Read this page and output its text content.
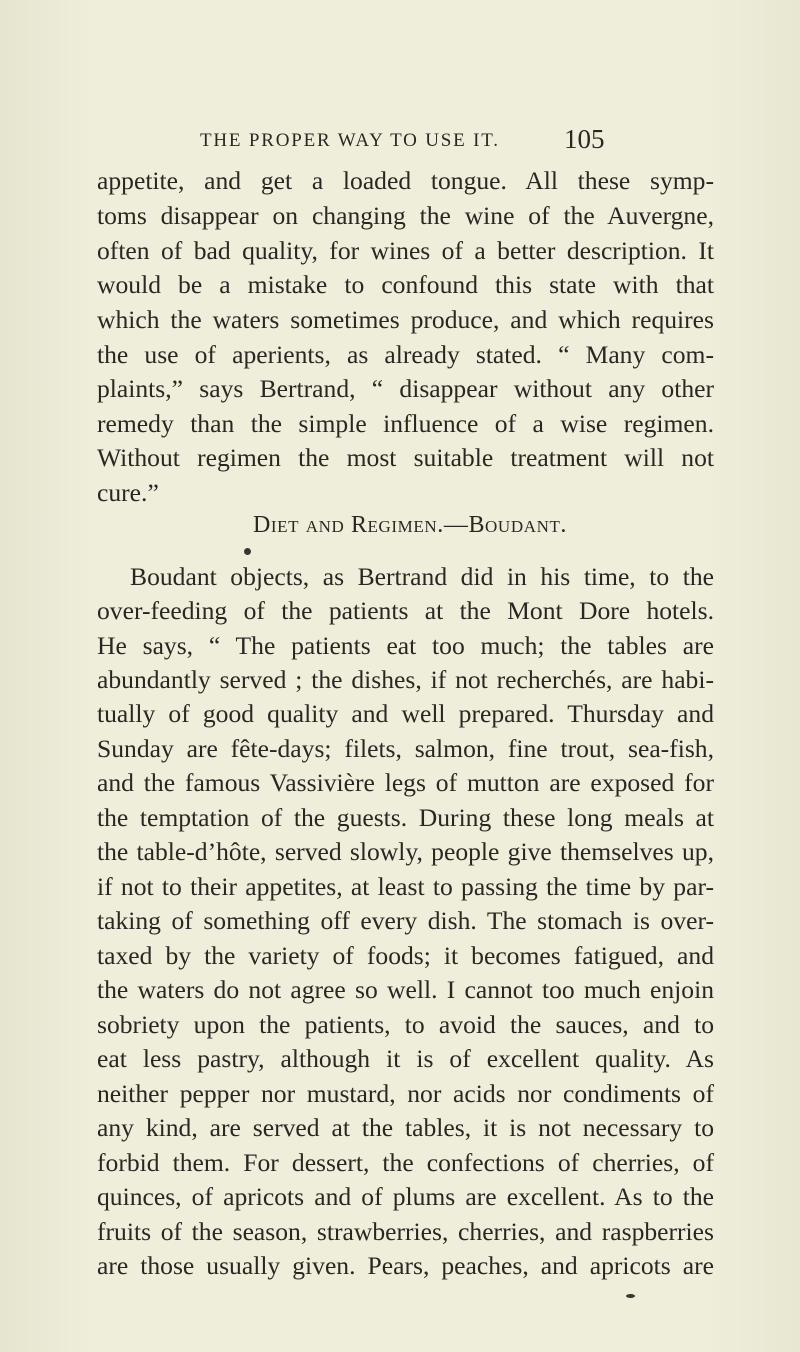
THE PROPER WAY TO USE IT. 105
appetite, and get a loaded tongue. All these symp-
toms disappear on changing the wine of the Auvergne,
often of bad quality, for wines of a better description. It
would be a mistake to confound this state with that
which the waters sometimes produce, and which requires
the use of aperients, as already stated. “ Many com-
plaints,” says Bertrand, “ disappear without any other
remedy than the simple influence of a wise regimen.
Without regimen the most suitable treatment will not
cure.”
Diet and Regimen.—Boudant.
Boudant objects, as Bertrand did in his time, to the
over-feeding of the patients at the Mont Dore hotels.
He says, “ The patients eat too much; the tables are
abundantly served ; the dishes, if not recherchés, are habi-
tually of good quality and well prepared. Thursday and
Sunday are fête-days; filets, salmon, fine trout, sea-fish,
and the famous Vassivière legs of mutton are exposed for
the temptation of the guests. During these long meals at
the table-d’hôte, served slowly, people give themselves up,
if not to their appetites, at least to passing the time by par-
taking of something off every dish. The stomach is over-
taxed by the variety of foods; it becomes fatigued, and
the waters do not agree so well. I cannot too much enjoin
sobriety upon the patients, to avoid the sauces, and to
eat less pastry, although it is of excellent quality. As
neither pepper nor mustard, nor acids nor condiments of
any kind, are served at the tables, it is not necessary to
forbid them. For dessert, the confections of cherries, of
quinces, of apricots and of plums are excellent. As to the
fruits of the season, strawberries, cherries, and raspberries
are those usually given. Pears, peaches, and apricots are
